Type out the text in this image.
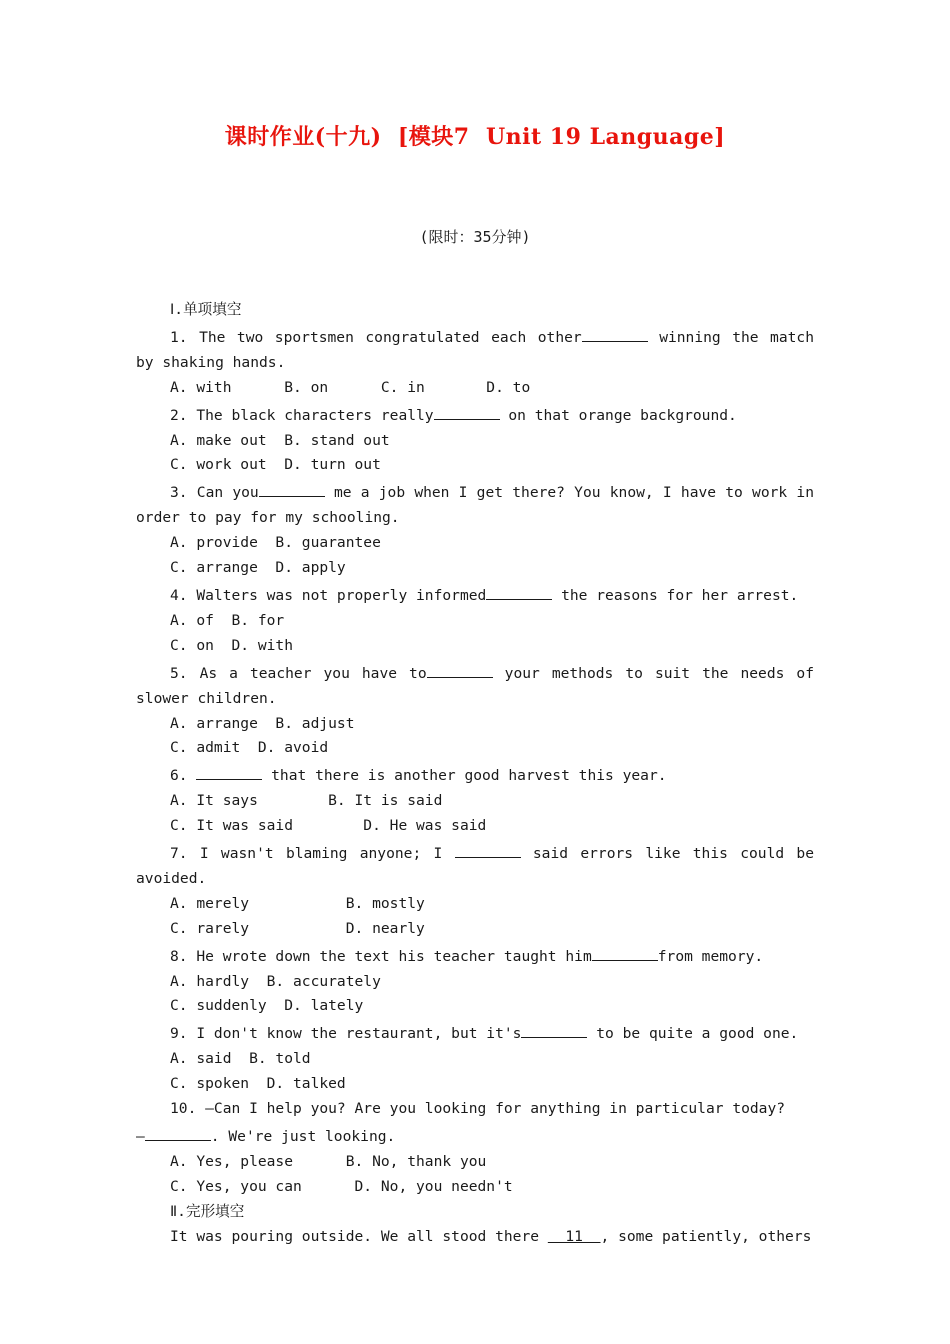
课时作业(十九)  [模块7  Unit 19 Language]
(限时：35分钟)
Ⅰ.单项填空
1. The two sportsmen congratulated each other	winning the match by shaking hands.
A. with      B. on      C. in       D. to
2. The black characters really	on that orange background.
A. make out  B. stand out
C. work out  D. turn out
3. Can you	me a job when I get there? You know, I have to work in order to pay for my schooling.
A. provide  B. guarantee
C. arrange  D. apply
4. Walters was not properly informed	the reasons for her arrest.
A. of  B. for
C. on  D. with
5. As a teacher you have to	your methods to suit the needs of slower children.
A. arrange  B. adjust
C. admit  D. avoid
6.	that there is another good harvest this year.
A. It says        B. It is said
C. It was said        D. He was said
7. I wasn't blaming anyone; I	said errors like this could be avoided.
A. merely           B. mostly
C. rarely           D. nearly
8. He wrote down the text his teacher taught him	from memory.
A. hardly  B. accurately
C. suddenly  D. lately
9. I don't know the restaurant, but it's	to be quite a good one.
A. said  B. told
C. spoken  D. talked
10. —Can I help you? Are you looking for anything in particular today?
—	. We're just looking.
A. Yes, please      B. No, thank you
C. Yes, you can      D. No, you needn't
Ⅱ.完形填空
It was pouring outside. We all stood there   11  , some patiently, others
